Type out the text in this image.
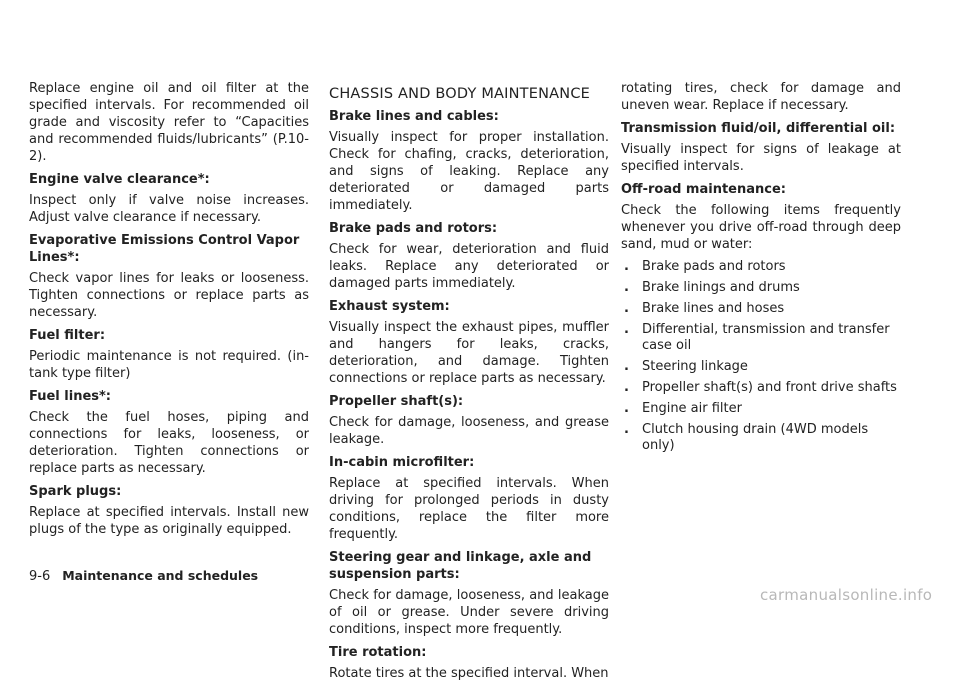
Replace engine oil and oil filter at the specified intervals. For recommended oil grade and viscosity refer to “Capacities and recommended fluids/lubricants” (P.10-2).

Engine valve clearance*:

Inspect only if valve noise increases. Adjust valve clearance if necessary.

Evaporative Emissions Control Vapor Lines*:

Check vapor lines for leaks or looseness. Tighten connections or replace parts as necessary.

Fuel filter:

Periodic maintenance is not required. (in-tank type filter)

Fuel lines*:

Check the fuel hoses, piping and connections for leaks, looseness, or deterioration. Tighten connections or replace parts as necessary.

Spark plugs:

Replace at specified intervals. Install new plugs of the type as originally equipped.

CHASSIS AND BODY MAINTENANCE

Brake lines and cables:

Visually inspect for proper installation. Check for chafing, cracks, deterioration, and signs of leaking. Replace any deteriorated or damaged parts immediately.

Brake pads and rotors:

Check for wear, deterioration and fluid leaks. Replace any deteriorated or damaged parts immediately.

Exhaust system:

Visually inspect the exhaust pipes, muffler and hangers for leaks, cracks, deterioration, and damage. Tighten connections or replace parts as necessary.

Propeller shaft(s):

Check for damage, looseness, and grease leakage.

In-cabin microfilter:

Replace at specified intervals. When driving for prolonged periods in dusty conditions, replace the filter more frequently.

Steering gear and linkage, axle and suspension parts:

Check for damage, looseness, and leakage of oil or grease. Under severe driving conditions, inspect more frequently.

Tire rotation:

Rotate tires at the specified interval. When

rotating tires, check for damage and uneven wear. Replace if necessary.

Transmission fluid/oil, differential oil:

Visually inspect for signs of leakage at specified intervals.

Off-road maintenance:

Check the following items frequently whenever you drive off-road through deep sand, mud or water:

. Brake pads and rotors
. Brake linings and drums
. Brake lines and hoses
. Differential, transmission and transfer case oil
. Steering linkage
. Propeller shaft(s) and front drive shafts
. Engine air filter
. Clutch housing drain (4WD models only)
9-6 Maintenance and schedules
carmanualsonline.info
